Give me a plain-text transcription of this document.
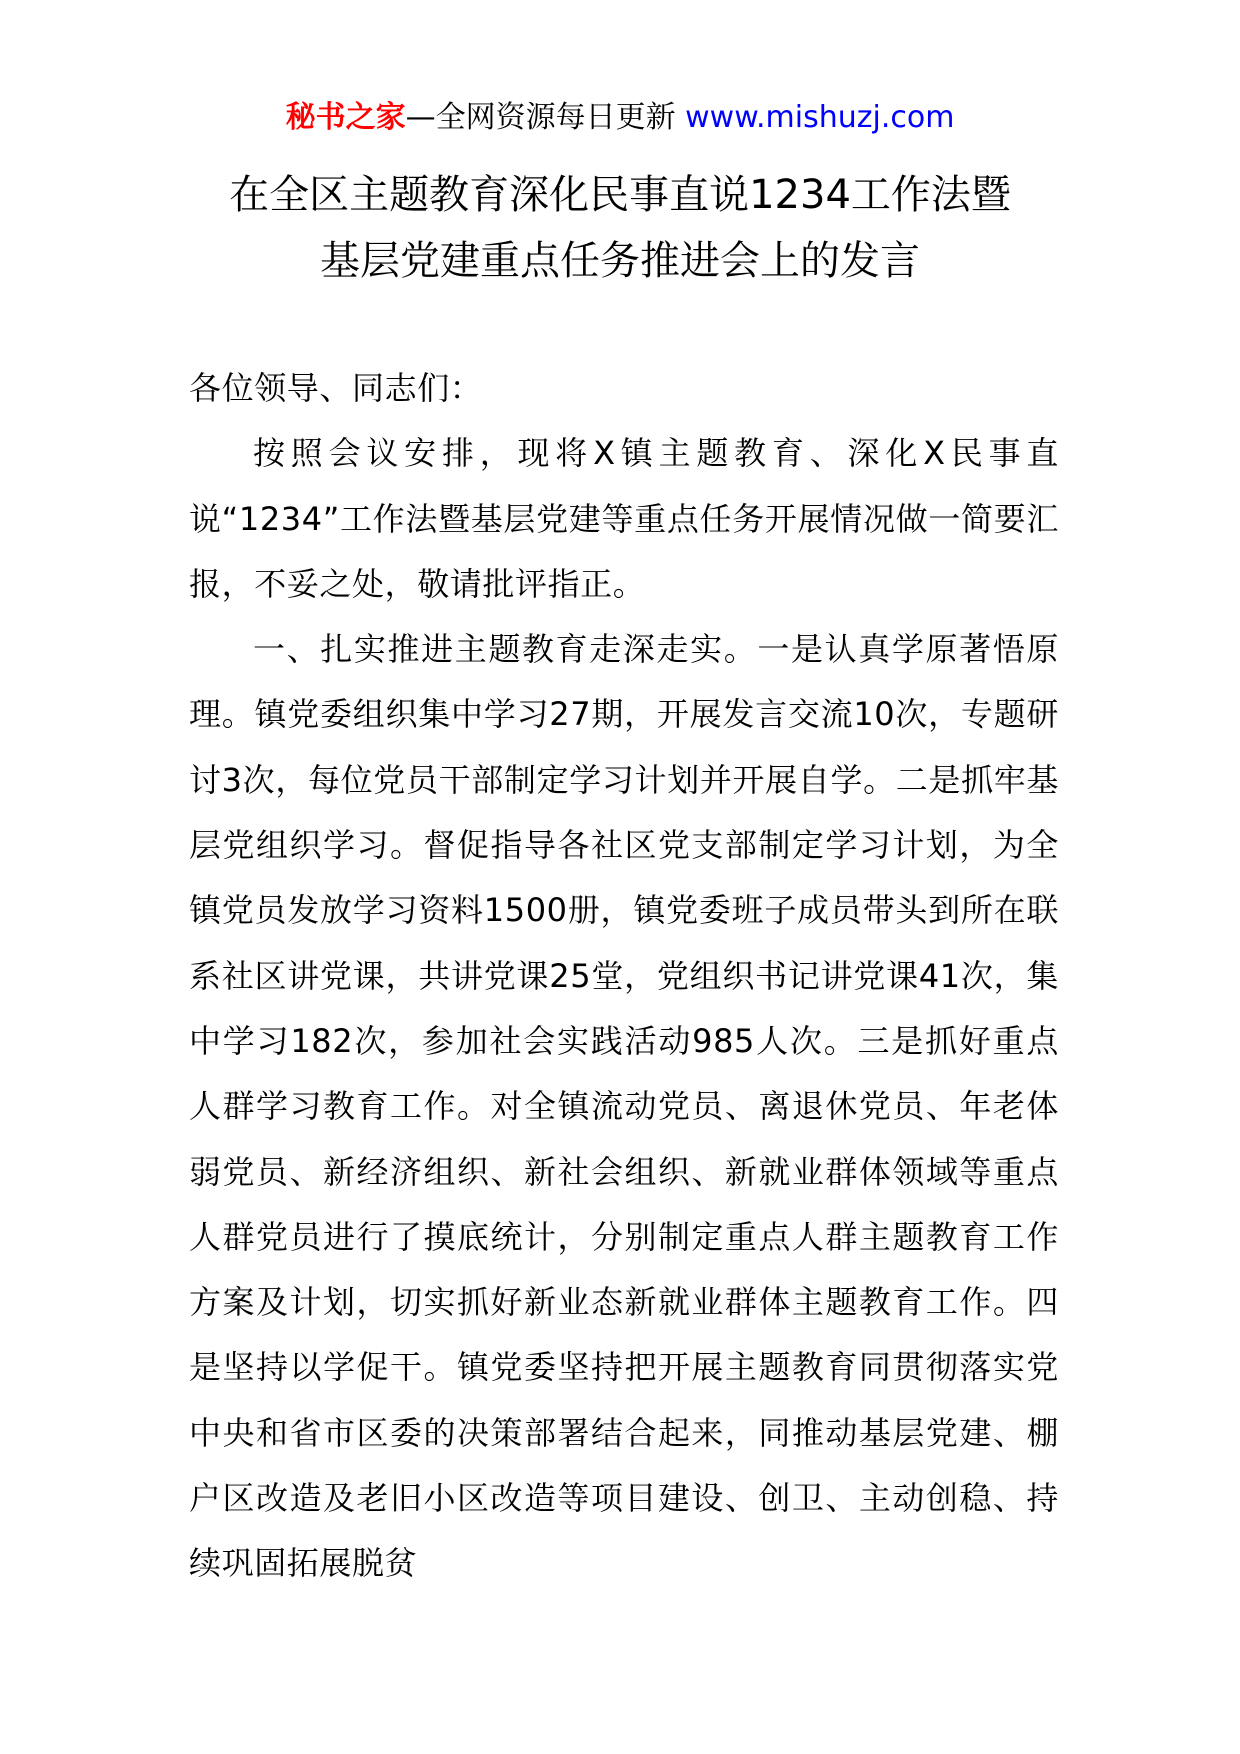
秘书之家—全网资源每日更新 www.mishuzj.com
在全区主题教育深化民事直说1234工作法暨
基层党建重点任务推进会上的发言

各位领导、同志们：

按照会议安排，现将X镇主题教育、深化X民事直说“1234”工作法暨基层党建等重点任务开展情况做一简要汇报，不妥之处，敬请批评指正。

一、扎实推进主题教育走深走实。一是认真学原著悟原理。镇党委组织集中学习27期，开展发言交流10次，专题研讨3次，每位党员干部制定学习计划并开展自学。二是抓牢基层党组织学习。督促指导各社区党支部制定学习计划，为全镇党员发放学习资料1500册，镇党委班子成员带头到所在联系社区讲党课，共讲党课25堂，党组织书记讲党课41次，集中学习182次，参加社会实践活动985人次。三是抓好重点人群学习教育工作。对全镇流动党员、离退休党员、年老体弱党员、新经济组织、新社会组织、新就业群体领域等重点人群党员进行了摸底统计，分别制定重点人群主题教育工作方案及计划，切实抓好新业态新就业群体主题教育工作。四是坚持以学促干。镇党委坚持把开展主题教育同贯彻落实党中央和省市区委的决策部署结合起来，同推动基层党建、棚户区改造及老旧小区改造等项目建设、创卫、主动创稳、持续巩固拓展脱贫
